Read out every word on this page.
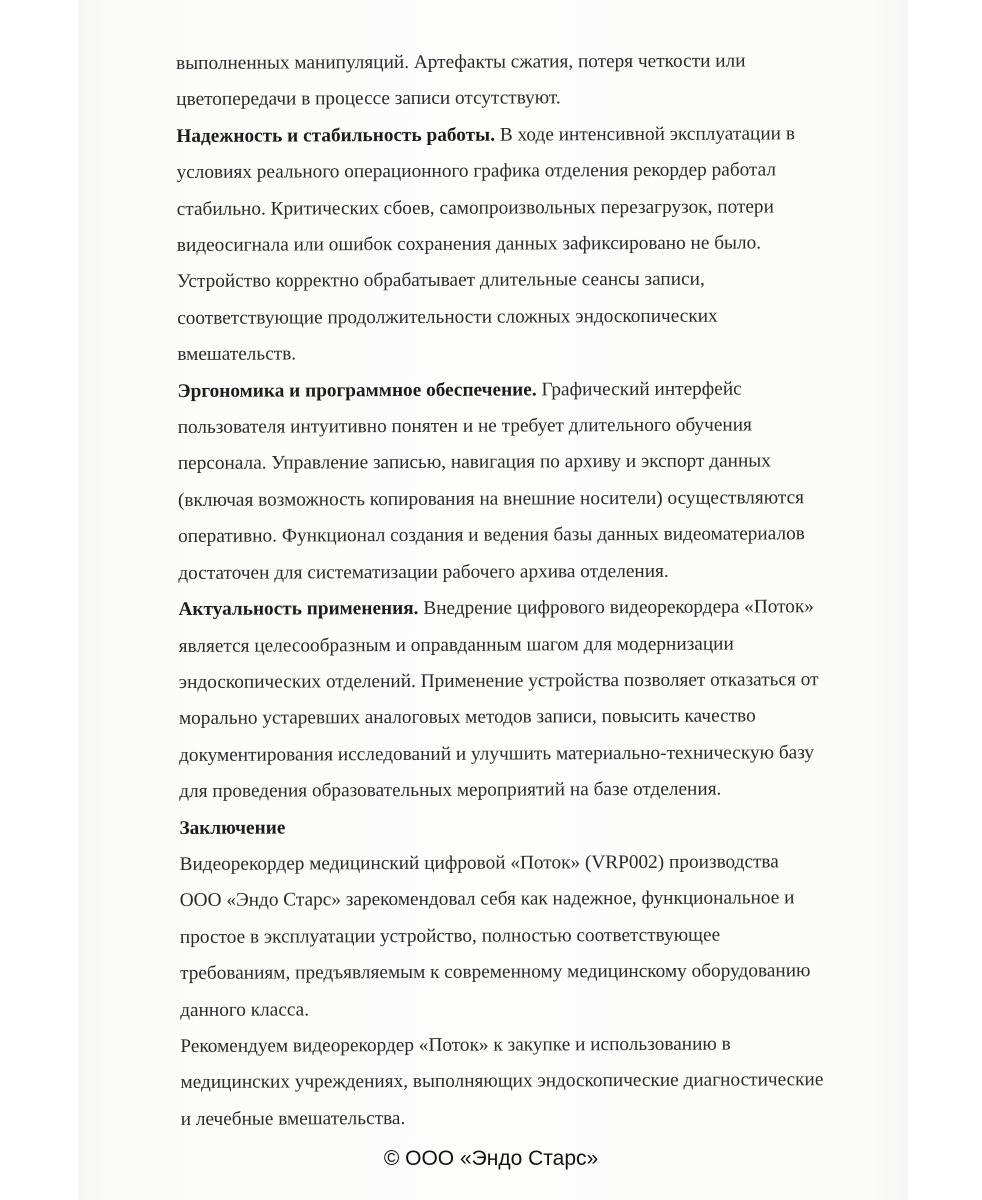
выполненных манипуляций. Артефакты сжатия, потеря четкости или
цветопередачи в процессе записи отсутствуют.

Надежность и стабильность работы. В ходе интенсивной эксплуатации в
условиях реального операционного графика отделения рекордер работал
стабильно. Критических сбоев, самопроизвольных перезагрузок, потери
видеосигнала или ошибок сохранения данных зафиксировано не было.
Устройство корректно обрабатывает длительные сеансы записи,
соответствующие продолжительности сложных эндоскопических
вмешательств.

Эргономика и программное обеспечение. Графический интерфейс
пользователя интуитивно понятен и не требует длительного обучения
персонала. Управление записью, навигация по архиву и экспорт данных
(включая возможность копирования на внешние носители) осуществляются
оперативно. Функционал создания и ведения базы данных видеоматериалов
достаточен для систематизации рабочего архива отделения.

Актуальность применения. Внедрение цифрового видеорекордера «Поток»
является целесообразным и оправданным шагом для модернизации
эндоскопических отделений. Применение устройства позволяет отказаться от
морально устаревших аналоговых методов записи, повысить качество
документирования исследований и улучшить материально-техническую базу
для проведения образовательных мероприятий на базе отделения.

Заключение
Видеорекордер медицинский цифровой «Поток» (VRP002) производства
ООО «Эндо Старс» зарекомендовал себя как надежное, функциональное и
простое в эксплуатации устройство, полностью соответствующее
требованиям, предъявляемым к современному медицинскому оборудованию
данного класса.

Рекомендуем видеорекордер «Поток» к закупке и использованию в
медицинских учреждениях, выполняющих эндоскопические диагностические
и лечебные вмешательства.

© ООО «Эндо Старс»
